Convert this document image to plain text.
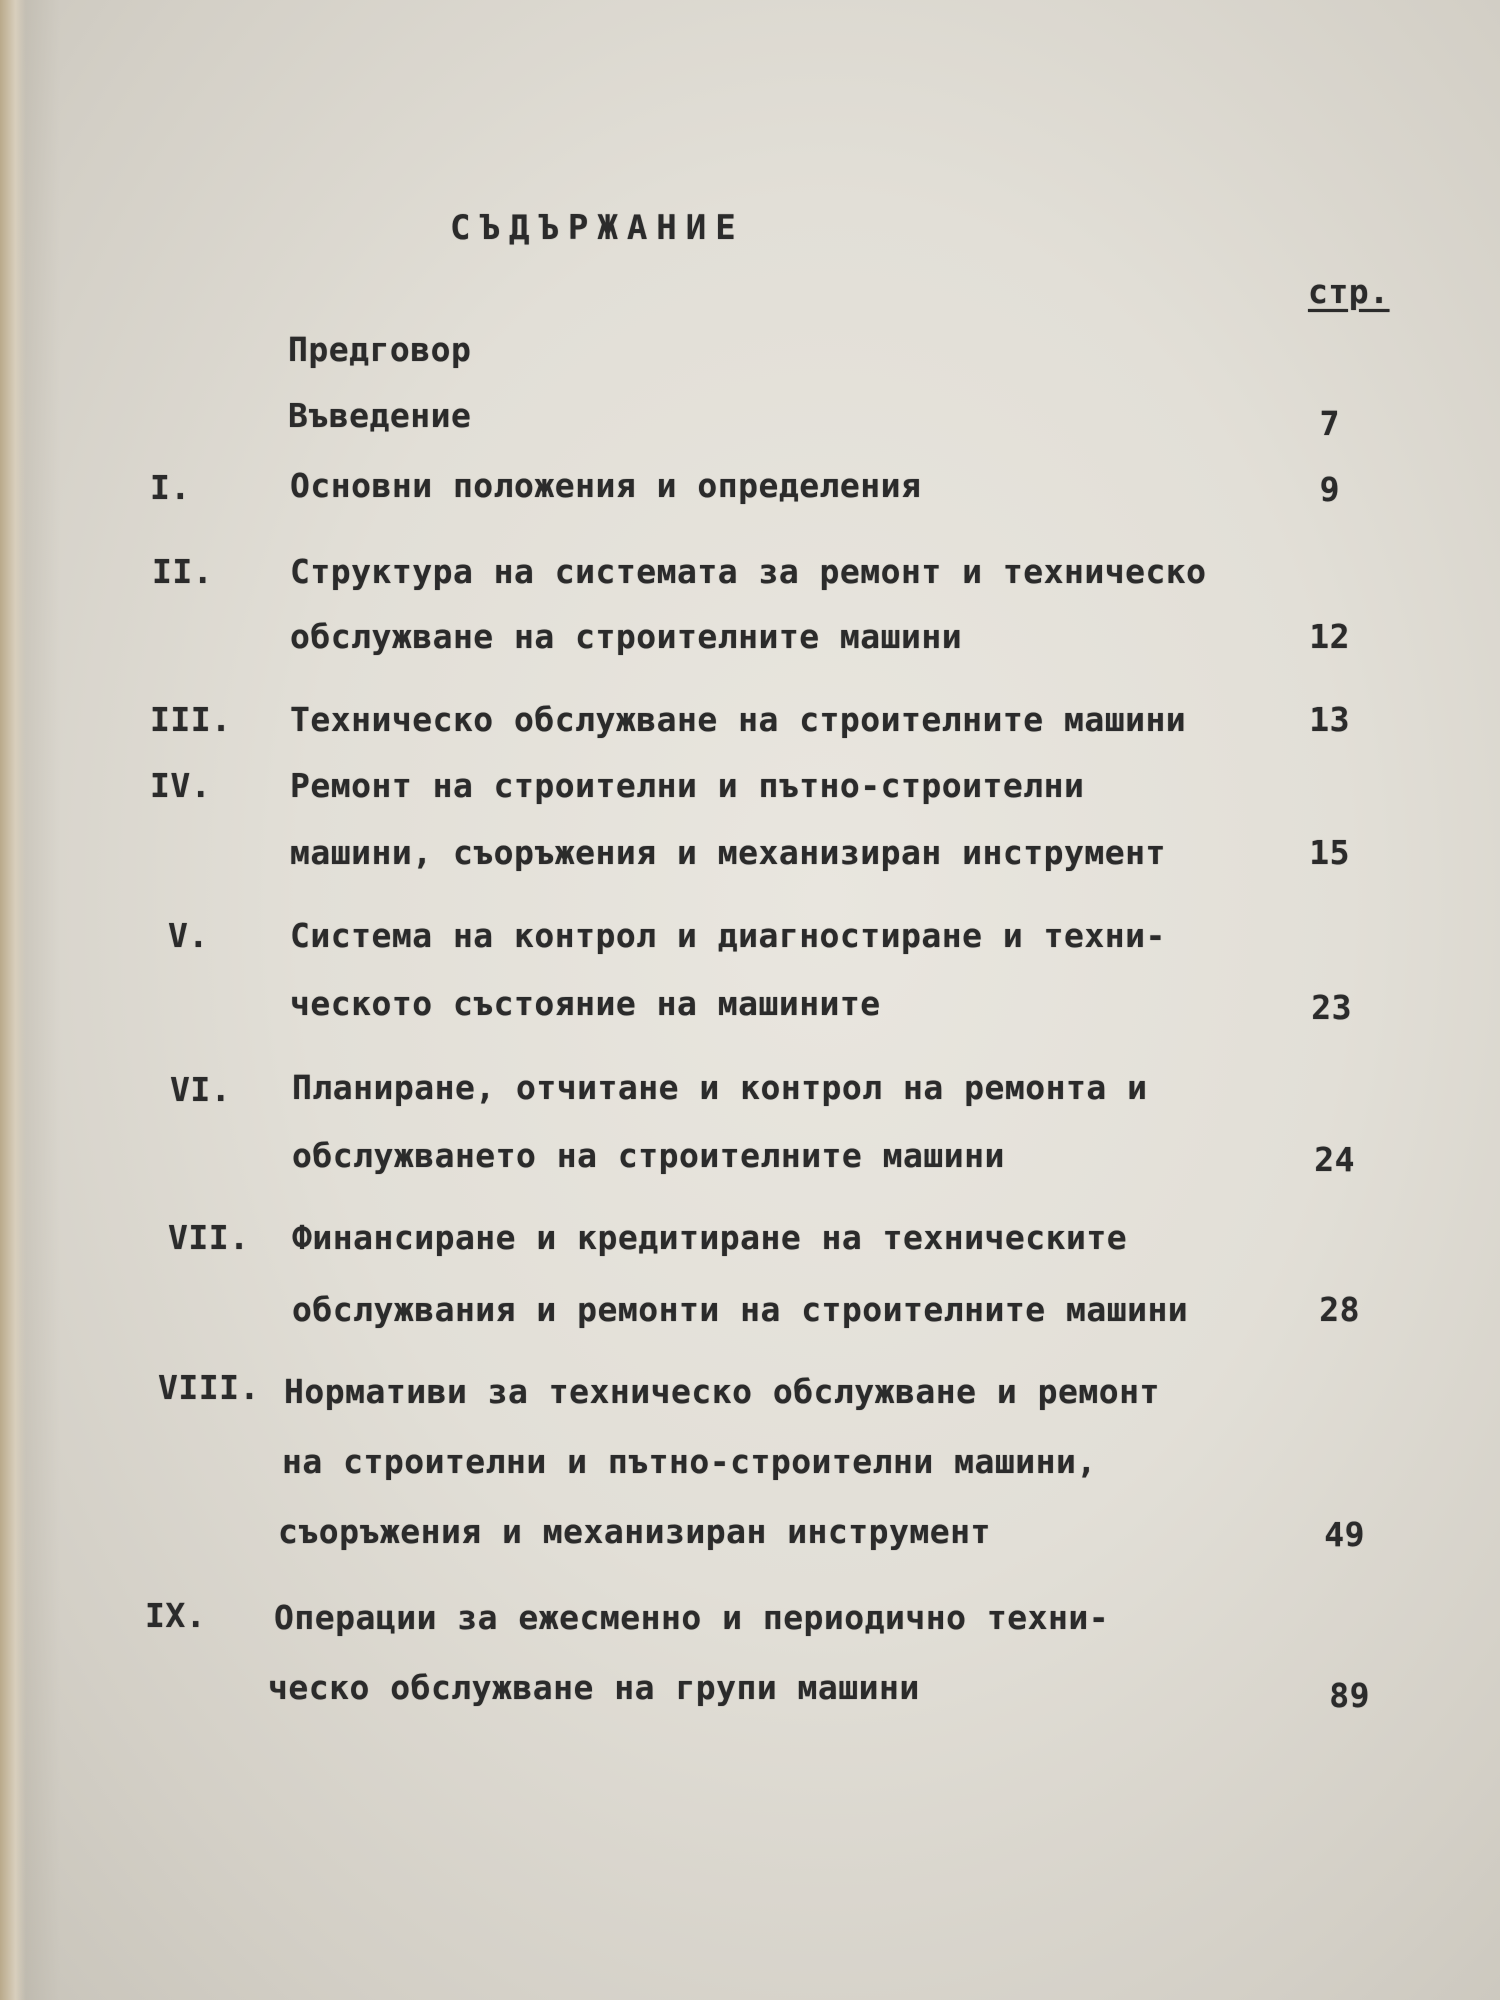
СЪДЪРЖАНИЕ
стр.
Предговор
Въведение	7
I.	Основни положения и определения	9
II. Структура на системата за ремонт и техническо
обслужване на строителните машини	12
III. Техническо обслужване на строителните машини	13
IV. Ремонт на строителни и пътно-строителни
машини, съоръжения и механизиран инструмент	15
V. Система на контрол и диагностиране и техни-
ческото състояние на машините	23
VI. Планиране, отчитане и контрол на ремонта и
обслужването на строителните машини	24
VII. Финансиране и кредитиране на техническите
обслужвания и ремонти на строителните машини	28
VIII. Нормативи за техническо обслужване и ремонт
на строителни и пътно-строителни машини,
съоръжения и механизиран инструмент	49
IX. Операции за ежесменно и периодично техни-
ческо обслужване на групи машини	89
